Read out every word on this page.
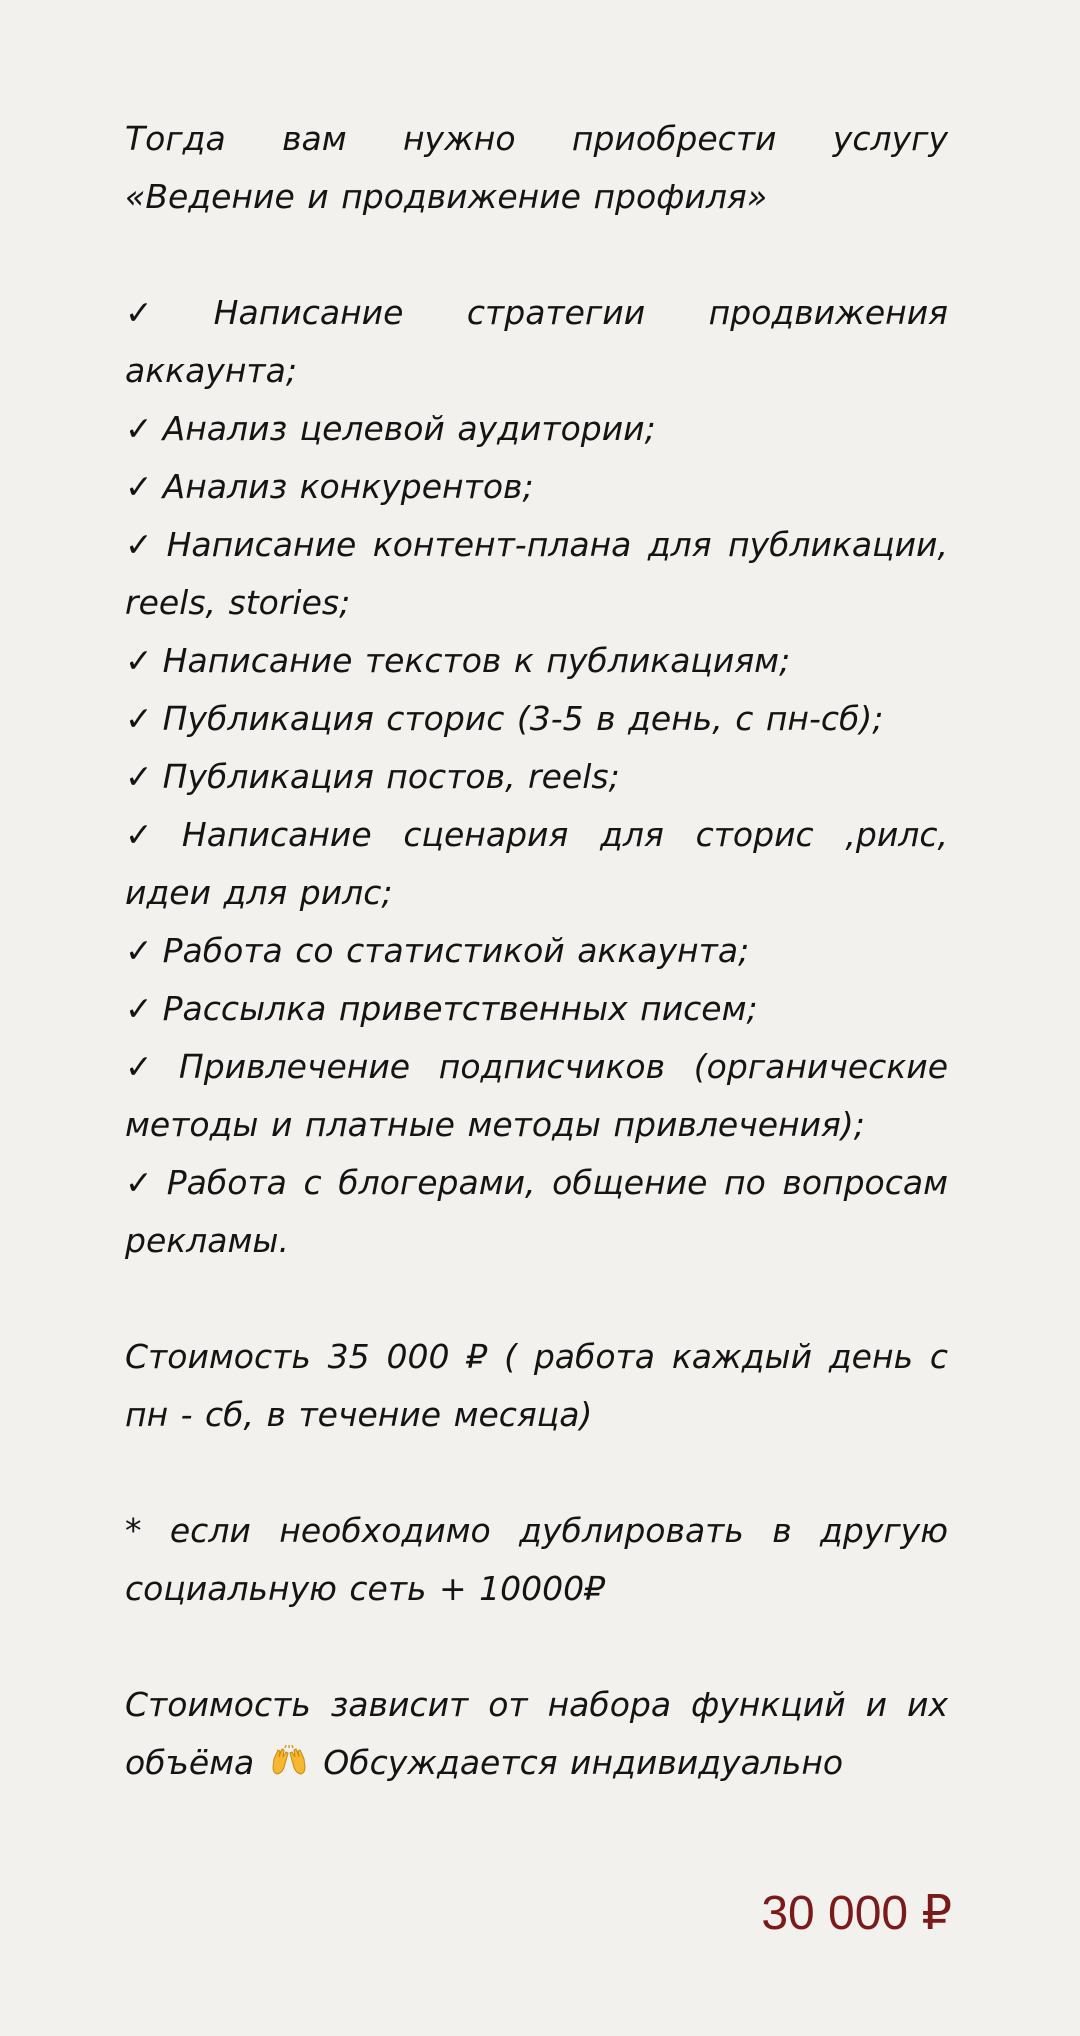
Тогда вам нужно приобрести услугу «Ведение и продвижение профиля»

✓ Написание стратегии продвижения аккаунта;

✓ Анализ целевой аудитории;

✓ Анализ конкурентов;

✓ Написание контент-плана для публикации, reels, stories;

✓ Написание текстов к публикациям;

✓ Публикация сторис (3-5 в день, с пн-сб);

✓ Публикация постов, reels;

✓ Написание сценария для сторис ,рилс, идеи для рилс;

✓ Работа со статистикой аккаунта;

✓ Рассылка приветственных писем;

✓ Привлечение подписчиков (органические методы и платные методы привлечения);

✓ Работа с блогерами, общение по вопросам рекламы.

Стоимость 35 000 ₽ ( работа каждый день с пн - сб, в течение месяца)

* если необходимо дублировать в другую социальную сеть + 10000₽

Стоимость зависит от набора функций и их объёма Обсуждается индивидуально

30 000 ₽
